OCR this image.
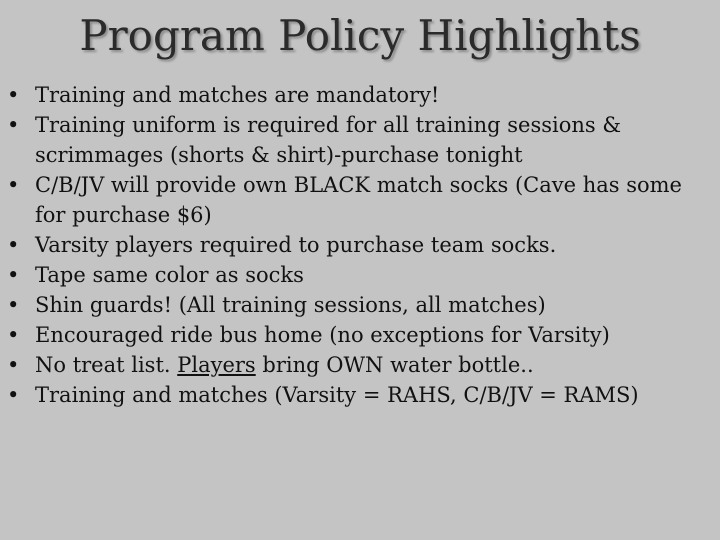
Program Policy Highlights
• Training and matches are mandatory!
• Training uniform is required for all training sessions & scrimmages (shorts & shirt)-purchase tonight
• C/B/JV will provide own BLACK match socks (Cave has some for purchase $6)
• Varsity players required to purchase team socks.
• Tape same color as socks
• Shin guards! (All training sessions, all matches)
• Encouraged ride bus home (no exceptions for Varsity)
• No treat list. Players bring OWN water bottle..
• Training and matches (Varsity = RAHS, C/B/JV = RAMS)
